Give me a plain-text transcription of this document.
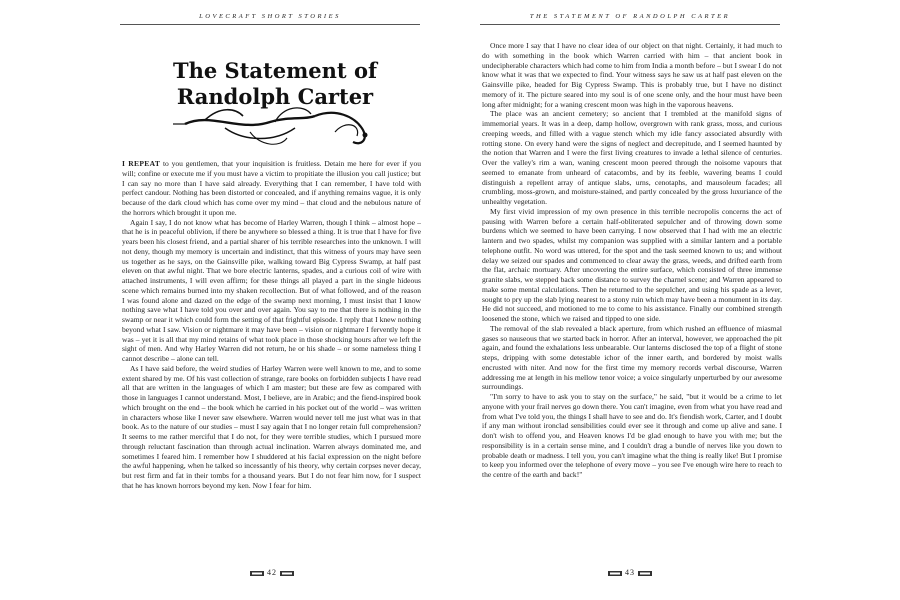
LOVECRAFT SHORT STORIES
The Statement of Randolph Carter

I REPEAT to you gentlemen, that your inquisition is fruitless. Detain me here for ever if you will; confine or execute me if you must have a victim to propitiate the illusion you call justice; but I can say no more than I have said already. Everything that I can remember, I have told with perfect candour. Nothing has been distorted or concealed, and if anything remains vague, it is only because of the dark cloud which has come over my mind – that cloud and the nebulous nature of the horrors which brought it upon me.

Again I say, I do not know what has become of Harley Warren, though I think – almost hope – that he is in peaceful oblivion, if there be anywhere so blessed a thing. It is true that I have for five years been his closest friend, and a partial sharer of his terrible researches into the unknown. I will not deny, though my memory is uncertain and indistinct, that this witness of yours may have seen us together as he says, on the Gainsville pike, walking toward Big Cypress Swamp, at half past eleven on that awful night. That we bore electric lanterns, spades, and a curious coil of wire with attached instruments, I will even affirm; for these things all played a part in the single hideous scene which remains burned into my shaken recollection. But of what followed, and of the reason I was found alone and dazed on the edge of the swamp next morning, I must insist that I know nothing save what I have told you over and over again. You say to me that there is nothing in the swamp or near it which could form the setting of that frightful episode. I reply that I knew nothing beyond what I saw. Vision or nightmare it may have been – vision or nightmare I fervently hope it was – yet it is all that my mind retains of what took place in those shocking hours after we left the sight of men. And why Harley Warren did not return, he or his shade – or some nameless thing I cannot describe – alone can tell.

As I have said before, the weird studies of Harley Warren were well known to me, and to some extent shared by me. Of his vast collection of strange, rare books on forbidden subjects I have read all that are written in the languages of which I am master; but these are few as compared with those in languages I cannot understand. Most, I believe, are in Arabic; and the fiend-inspired book which brought on the end – the book which he carried in his pocket out of the world – was written in characters whose like I never saw elsewhere. Warren would never tell me just what was in that book. As to the nature of our studies – must I say again that I no longer retain full comprehension? It seems to me rather merciful that I do not, for they were terrible studies, which I pursued more through reluctant fascination than through actual inclination. Warren always dominated me, and sometimes I feared him. I remember how I shuddered at his facial expression on the night before the awful happening, when he talked so incessantly of his theory, why certain corpses never decay, but rest firm and fat in their tombs for a thousand years. But I do not fear him now, for I suspect that he has known horrors beyond my ken. Now I fear for him.

42
THE STATEMENT OF RANDOLPH CARTER

Once more I say that I have no clear idea of our object on that night. Certainly, it had much to do with something in the book which Warren carried with him – that ancient book in undecipherable characters which had come to him from India a month before – but I swear I do not know what it was that we expected to find. Your witness says he saw us at half past eleven on the Gainsville pike, headed for Big Cypress Swamp. This is probably true, but I have no distinct memory of it. The picture seared into my soul is of one scene only, and the hour must have been long after midnight; for a waning crescent moon was high in the vaporous heavens.

The place was an ancient cemetery; so ancient that I trembled at the manifold signs of immemorial years. It was in a deep, damp hollow, overgrown with rank grass, moss, and curious creeping weeds, and filled with a vague stench which my idle fancy associated absurdly with rotting stone. On every hand were the signs of neglect and decrepitude, and I seemed haunted by the notion that Warren and I were the first living creatures to invade a lethal silence of centuries. Over the valley's rim a wan, waning crescent moon peered through the noisome vapours that seemed to emanate from unheard of catacombs, and by its feeble, wavering beams I could distinguish a repellent array of antique slabs, urns, cenotaphs, and mausoleum facades; all crumbling, moss-grown, and moisture-stained, and partly concealed by the gross luxuriance of the unhealthy vegetation.

My first vivid impression of my own presence in this terrible necropolis concerns the act of pausing with Warren before a certain half-obliterated sepulcher and of throwing down some burdens which we seemed to have been carrying. I now observed that I had with me an electric lantern and two spades, whilst my companion was supplied with a similar lantern and a portable telephone outfit. No word was uttered, for the spot and the task seemed known to us; and without delay we seized our spades and commenced to clear away the grass, weeds, and drifted earth from the flat, archaic mortuary. After uncovering the entire surface, which consisted of three immense granite slabs, we stepped back some distance to survey the charnel scene; and Warren appeared to make some mental calculations. Then he returned to the sepulcher, and using his spade as a lever, sought to pry up the slab lying nearest to a stony ruin which may have been a monument in its day. He did not succeed, and motioned to me to come to his assistance. Finally our combined strength loosened the stone, which we raised and tipped to one side.

The removal of the slab revealed a black aperture, from which rushed an effluence of miasmal gases so nauseous that we started back in horror. After an interval, however, we approached the pit again, and found the exhalations less unbearable. Our lanterns disclosed the top of a flight of stone steps, dripping with some detestable ichor of the inner earth, and bordered by moist walls encrusted with niter. And now for the first time my memory records verbal discourse, Warren addressing me at length in his mellow tenor voice; a voice singularly unperturbed by our awesome surroundings.

"I'm sorry to have to ask you to stay on the surface," he said, "but it would be a crime to let anyone with your frail nerves go down there. You can't imagine, even from what you have read and from what I've told you, the things I shall have to see and do. It's fiendish work, Carter, and I doubt if any man without ironclad sensibilities could ever see it through and come up alive and sane. I don't wish to offend you, and Heaven knows I'd be glad enough to have you with me; but the responsibility is in a certain sense mine, and I couldn't drag a bundle of nerves like you down to probable death or madness. I tell you, you can't imagine what the thing is really like! But I promise to keep you informed over the telephone of every move – you see I've enough wire here to reach to the centre of the earth and back!"

43
